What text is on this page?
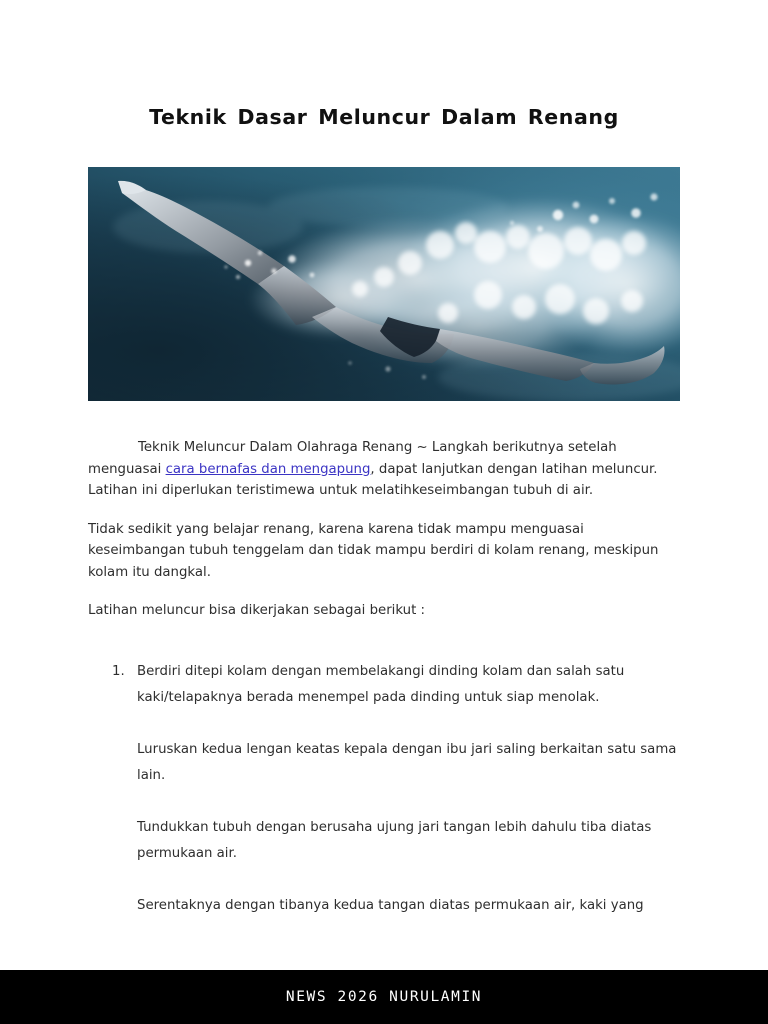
Teknik Dasar Meluncur Dalam Renang

Teknik Meluncur Dalam Olahraga Renang ~ Langkah berikutnya setelah menguasai cara bernafas dan mengapung, dapat lanjutkan dengan latihan meluncur. Latihan ini diperlukan teristimewa untuk melatihkeseimbangan tubuh di air.

Tidak sedikit yang belajar renang, karena karena tidak mampu menguasai keseimbangan tubuh tenggelam dan tidak mampu berdiri di kolam renang, meskipun kolam itu dangkal.

Latihan meluncur bisa dikerjakan sebagai berikut :

1. Berdiri ditepi kolam dengan membelakangi dinding kolam dan salah satu kaki/telapaknya berada menempel pada dinding untuk siap menolak.
Luruskan kedua lengan keatas kepala dengan ibu jari saling berkaitan satu sama lain.
Tundukkan tubuh dengan berusaha ujung jari tangan lebih dahulu tiba diatas permukaan air.
Serentaknya dengan tibanya kedua tangan diatas permukaan air, kaki yang
NEWS 2026 NURULAMIN
